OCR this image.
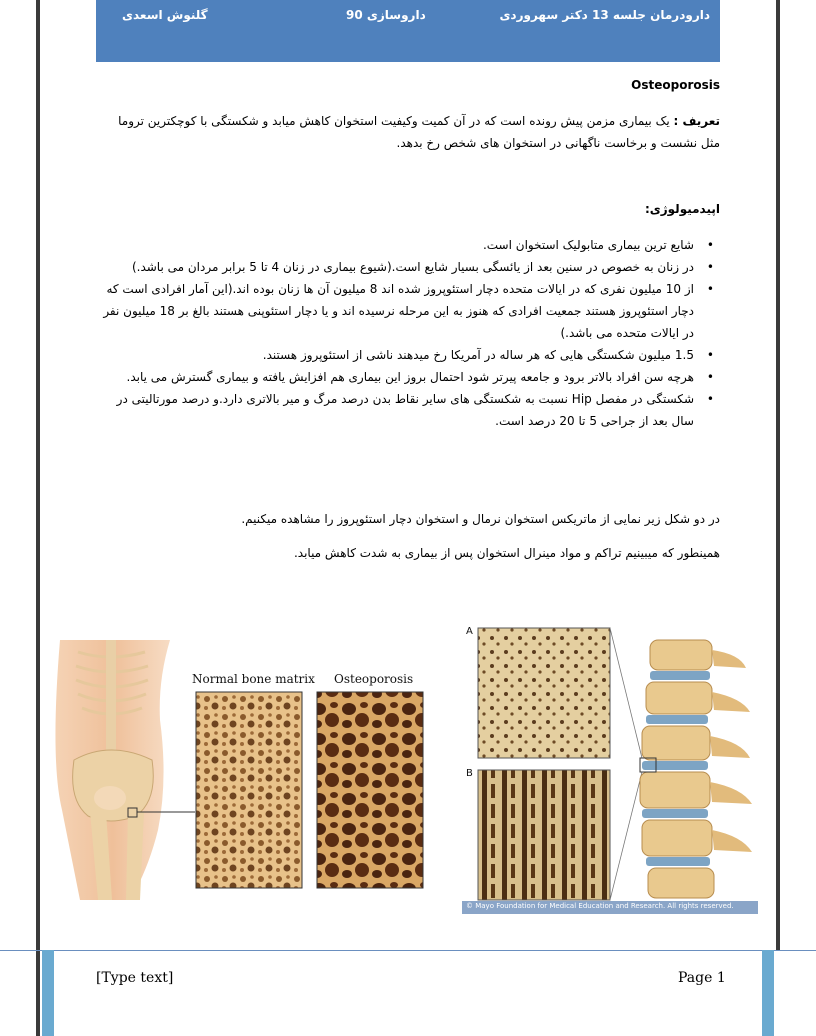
دارودرمان جلسه 13 دکتر سهروردی
داروسازی 90
گلنوش اسعدی
Osteoporosis
تعریف : یک بیماری مزمن پیش رونده است که در آن کمیت وکیفیت استخوان کاهش میابد و شکستگی با کوچکترین تروما مثل نشست و برخاست ناگهانی در استخوان های شخص رخ بدهد.
اپیدمیولوژی:
• شایع ترین بیماری متابولیک استخوان است.
• در زنان به خصوص در سنین بعد از یائسگی بسیار شایع است.(شیوع بیماری در زنان 4 تا 5 برابر مردان می باشد.)
• از 10 میلیون نفری که در ایالات متحده دچار استئوپروز شده اند 8 میلیون آن ها زنان بوده اند.(این آمار افرادی است که دچار استئوپروز هستند جمعیت افرادی که هنوز به این مرحله نرسیده اند و یا دچار استئوپنی هستند بالغ بر 18 میلیون نفر در ایالات متحده می باشد.)
• 1.5 میلیون شکستگی هایی که هر ساله در آمریکا رخ میدهند ناشی از استئوپروز هستند.
• هرچه سن افراد بالاتر برود و جامعه پیرتر شود احتمال بروز این بیماری هم افزایش یافته و بیماری گسترش می یابد.
• شکستگی در مفصل Hip نسبت به شکستگی های سایر نقاط بدن درصد مرگ و میر بالاتری دارد.و درصد مورتالیتی در سال بعد از جراحی 5 تا 20 درصد است.
در دو شکل زیر نمایی از ماتریکس استخوان نرمال و استخوان دچار استئوپروز را مشاهده میکنیم.
همینطور که میبینیم تراکم و مواد مینرال استخوان پس از بیماری به شدت کاهش میابد.
Normal bone matrix Osteoporosis
A
B
© Mayo Foundation for Medical Education and Research. All rights reserved.
[Type text]	Page 1
